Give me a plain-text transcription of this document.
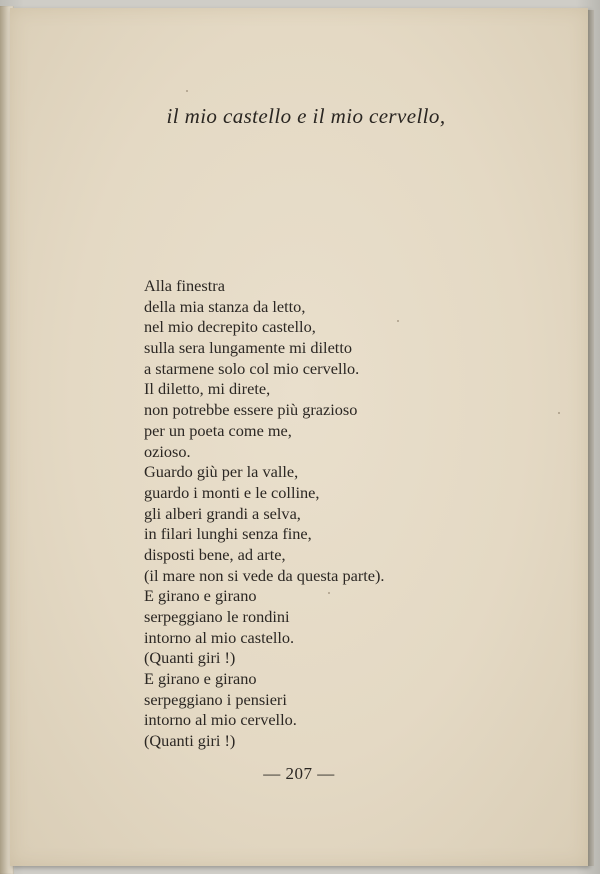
il mio castello e il mio cervello,
Alla finestra
della mia stanza da letto,
nel mio decrepito castello,
sulla sera lungamente mi diletto
a starmene solo col mio cervello.
Il diletto, mi direte,
non potrebbe essere più grazioso
per un poeta come me,
ozioso.
Guardo giù per la valle,
guardo i monti e le colline,
gli alberi grandi a selva,
in filari lunghi senza fine,
disposti bene, ad arte,
(il mare non si vede da questa parte).
E girano e girano
serpeggiano le rondini
intorno al mio castello.
(Quanti giri !)
E girano e girano
serpeggiano i pensieri
intorno al mio cervello.
(Quanti giri !)
— 207 —
